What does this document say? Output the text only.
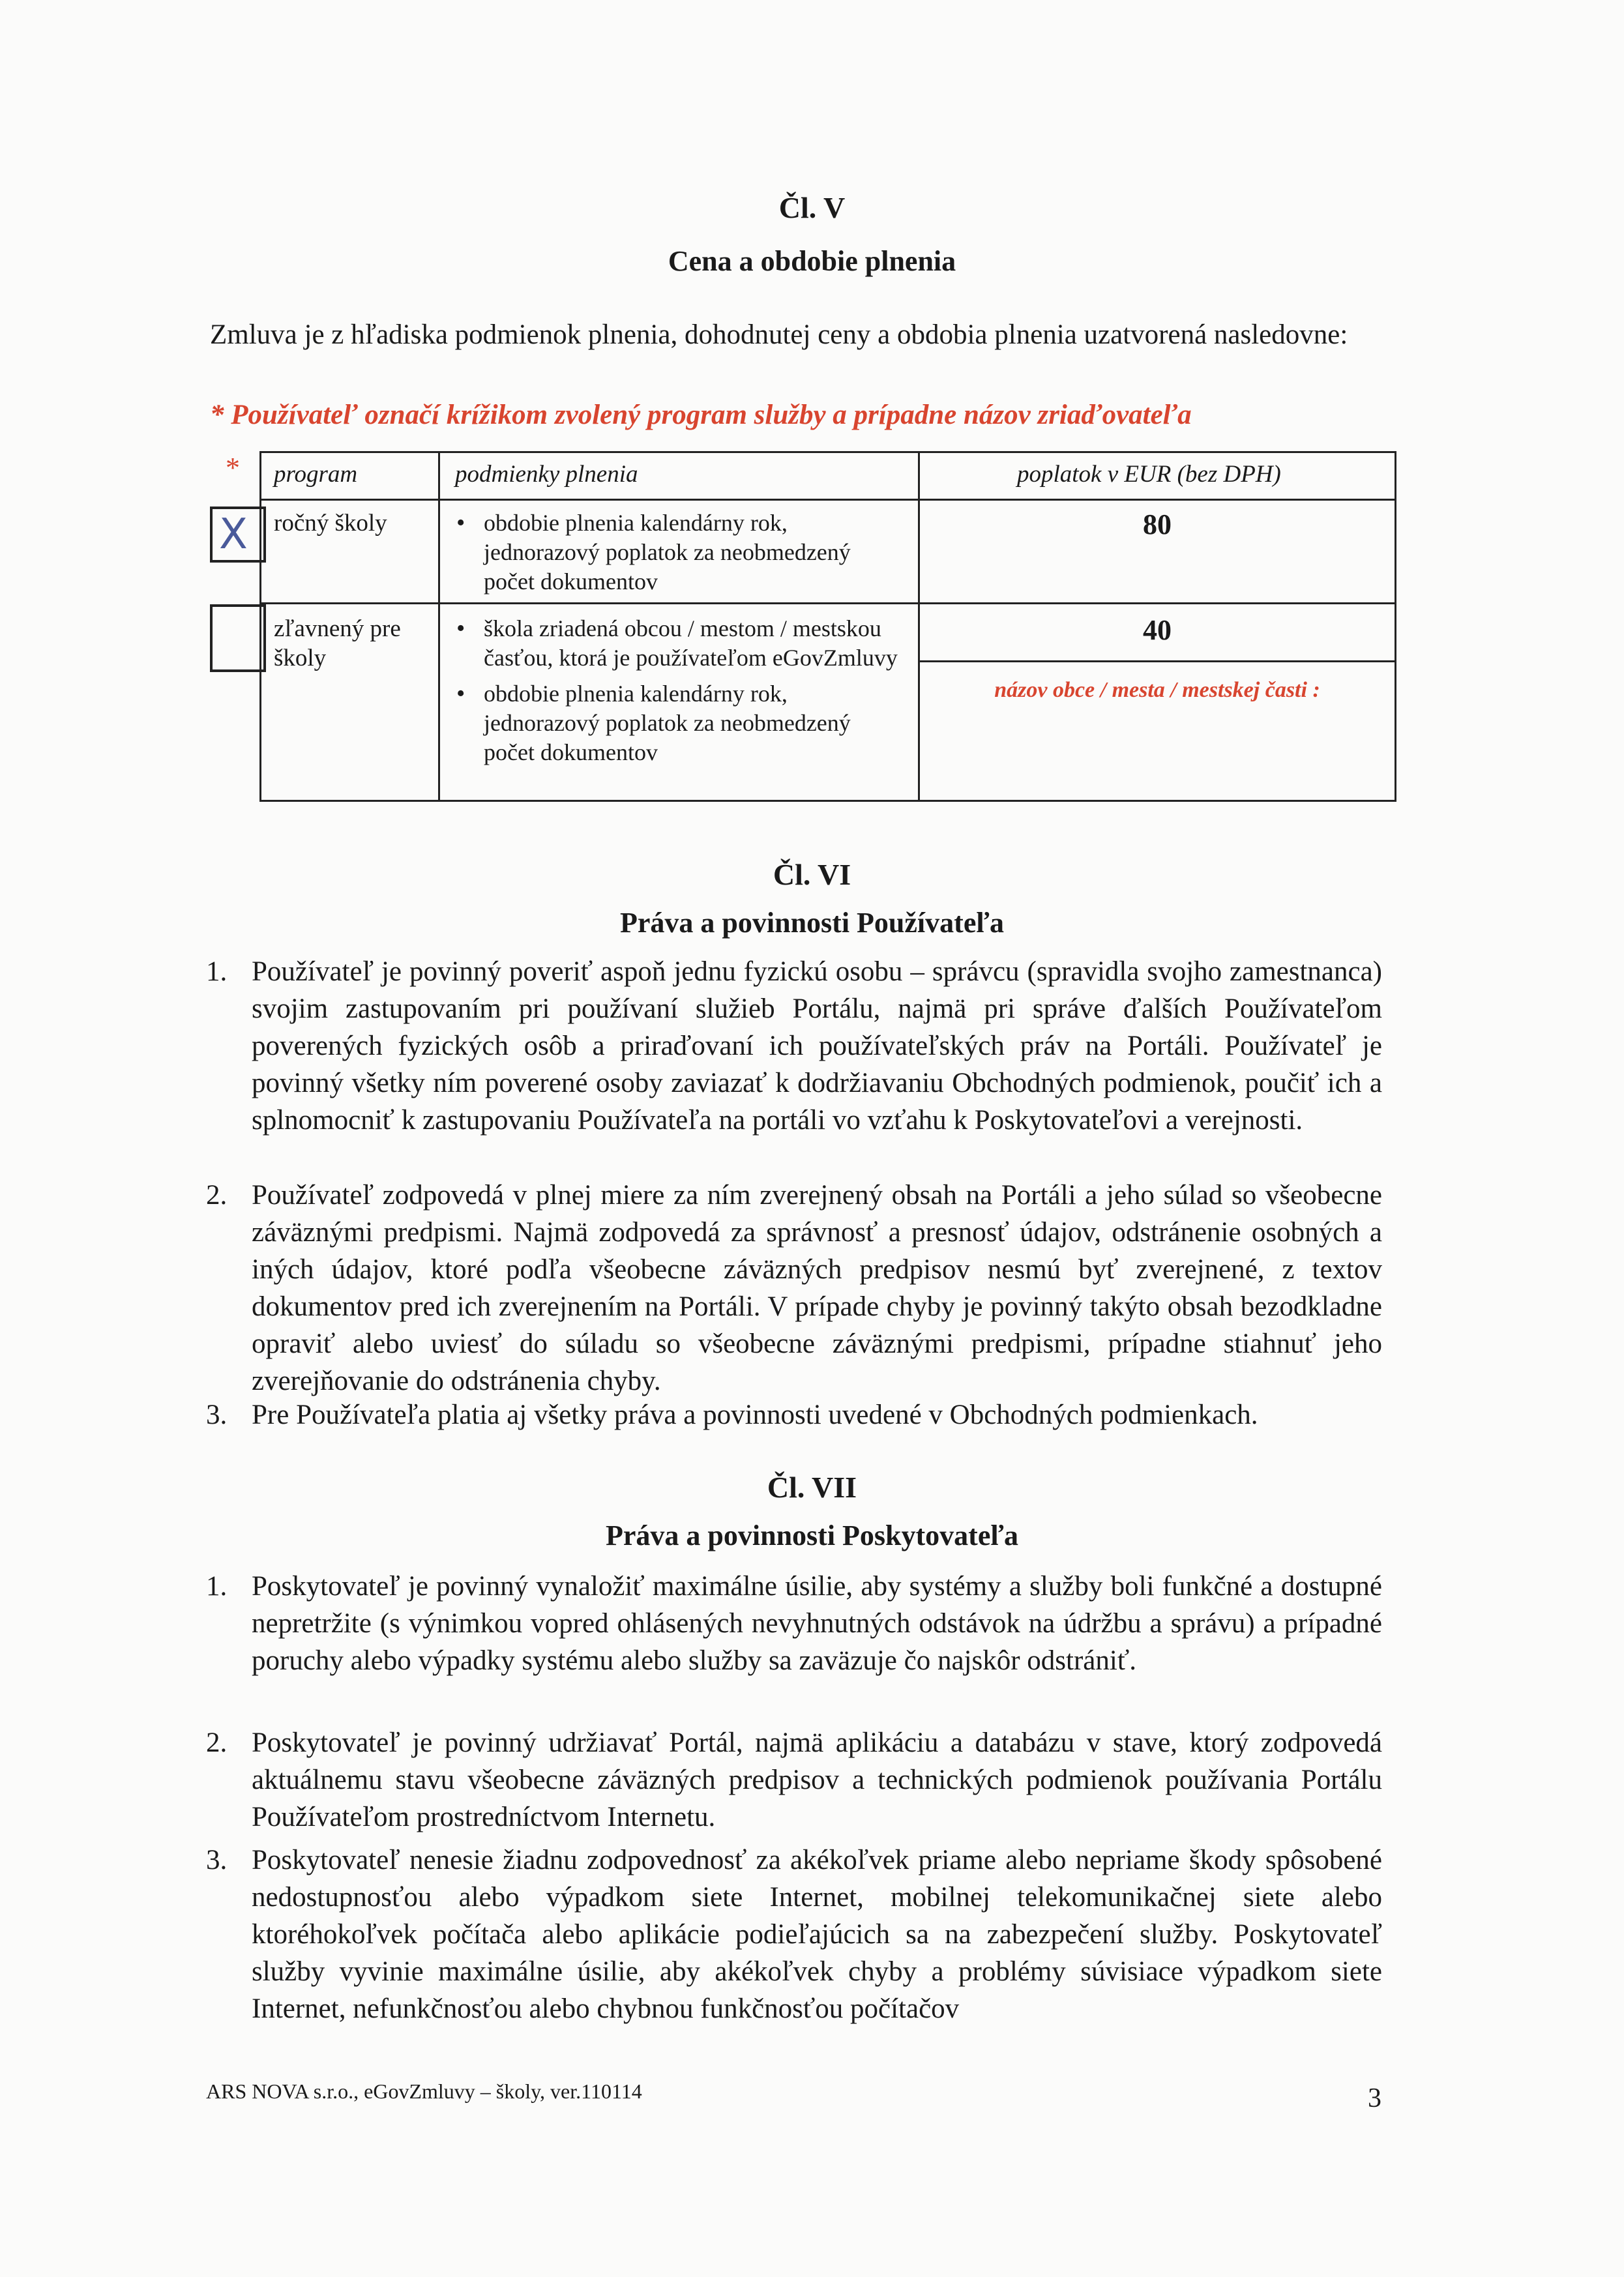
Čl. V
Cena a obdobie plnenia
Zmluva je z hľadiska podmienok plnenia, dohodnutej ceny a obdobia plnenia uzatvorená nasledovne:
* Používateľ označí krížikom zvolený program služby a prípadne názov zriaďovateľa
* program	podmienky plnenia	poplatok v EUR (bez DPH)
X ročný školy
•	obdobie plnenia kalendárny rok, jednorazový poplatok za neobmedzený počet dokumentov
80
zľavnený pre školy
• škola zriadená obcou / mestom / mestskou časťou, ktorá je používateľom eGovZmluvy
• obdobie plnenia kalendárny rok, jednorazový poplatok za neobmedzený počet dokumentov
40
názov obce / mesta / mestskej časti :
Čl. VI
Práva a povinnosti Používateľa
1. Používateľ je povinný poveriť aspoň jednu fyzickú osobu – správcu (spravidla svojho zamestnanca) svojim zastupovaním pri používaní služieb Portálu, najmä pri správe ďalších Používateľom poverených fyzických osôb a priraďovaní ich používateľských práv na Portáli. Používateľ je povinný všetky ním poverené osoby zaviazať k dodržiavaniu Obchodných podmienok, poučiť ich a splnomocniť k zastupovaniu Používateľa na portáli vo vzťahu k Poskytovateľovi a verejnosti.
2. Používateľ zodpovedá v plnej miere za ním zverejnený obsah na Portáli a jeho súlad so všeobecne záväznými predpismi. Najmä zodpovedá za správnosť a presnosť údajov, odstránenie osobných a iných údajov, ktoré podľa všeobecne záväzných predpisov nesmú byť zverejnené, z textov dokumentov pred ich zverejnením na Portáli. V prípade chyby je povinný takýto obsah bezodkladne opraviť alebo uviesť do súladu so všeobecne záväznými predpismi, prípadne stiahnuť jeho zverejňovanie do odstránenia chyby.
3. Pre Používateľa platia aj všetky práva a povinnosti uvedené v Obchodných podmienkach.
Čl. VII
Práva a povinnosti Poskytovateľa
1. Poskytovateľ je povinný vynaložiť maximálne úsilie, aby systémy a služby boli funkčné a dostupné nepretržite (s výnimkou vopred ohlásených nevyhnutných odstávok na údržbu a správu) a prípadné poruchy alebo výpadky systému alebo služby sa zaväzuje čo najskôr odstrániť.
2. Poskytovateľ je povinný udržiavať Portál, najmä aplikáciu a databázu v stave, ktorý zodpovedá aktuálnemu stavu všeobecne záväzných predpisov a technických podmienok používania Portálu Používateľom prostredníctvom Internetu.
3. Poskytovateľ nenesie žiadnu zodpovednosť za akékoľvek priame alebo nepriame škody spôsobené nedostupnosťou alebo výpadkom siete Internet, mobilnej telekomunikačnej siete alebo ktoréhokoľvek počítača alebo aplikácie podieľajúcich sa na zabezpečení služby. Poskytovateľ služby vyvinie maximálne úsilie, aby akékoľvek chyby a problémy súvisiace výpadkom siete Internet, nefunkčnosťou alebo chybnou funkčnosťou počítačov
ARS NOVA s.r.o., eGovZmluvy – školy, ver.110114	3
